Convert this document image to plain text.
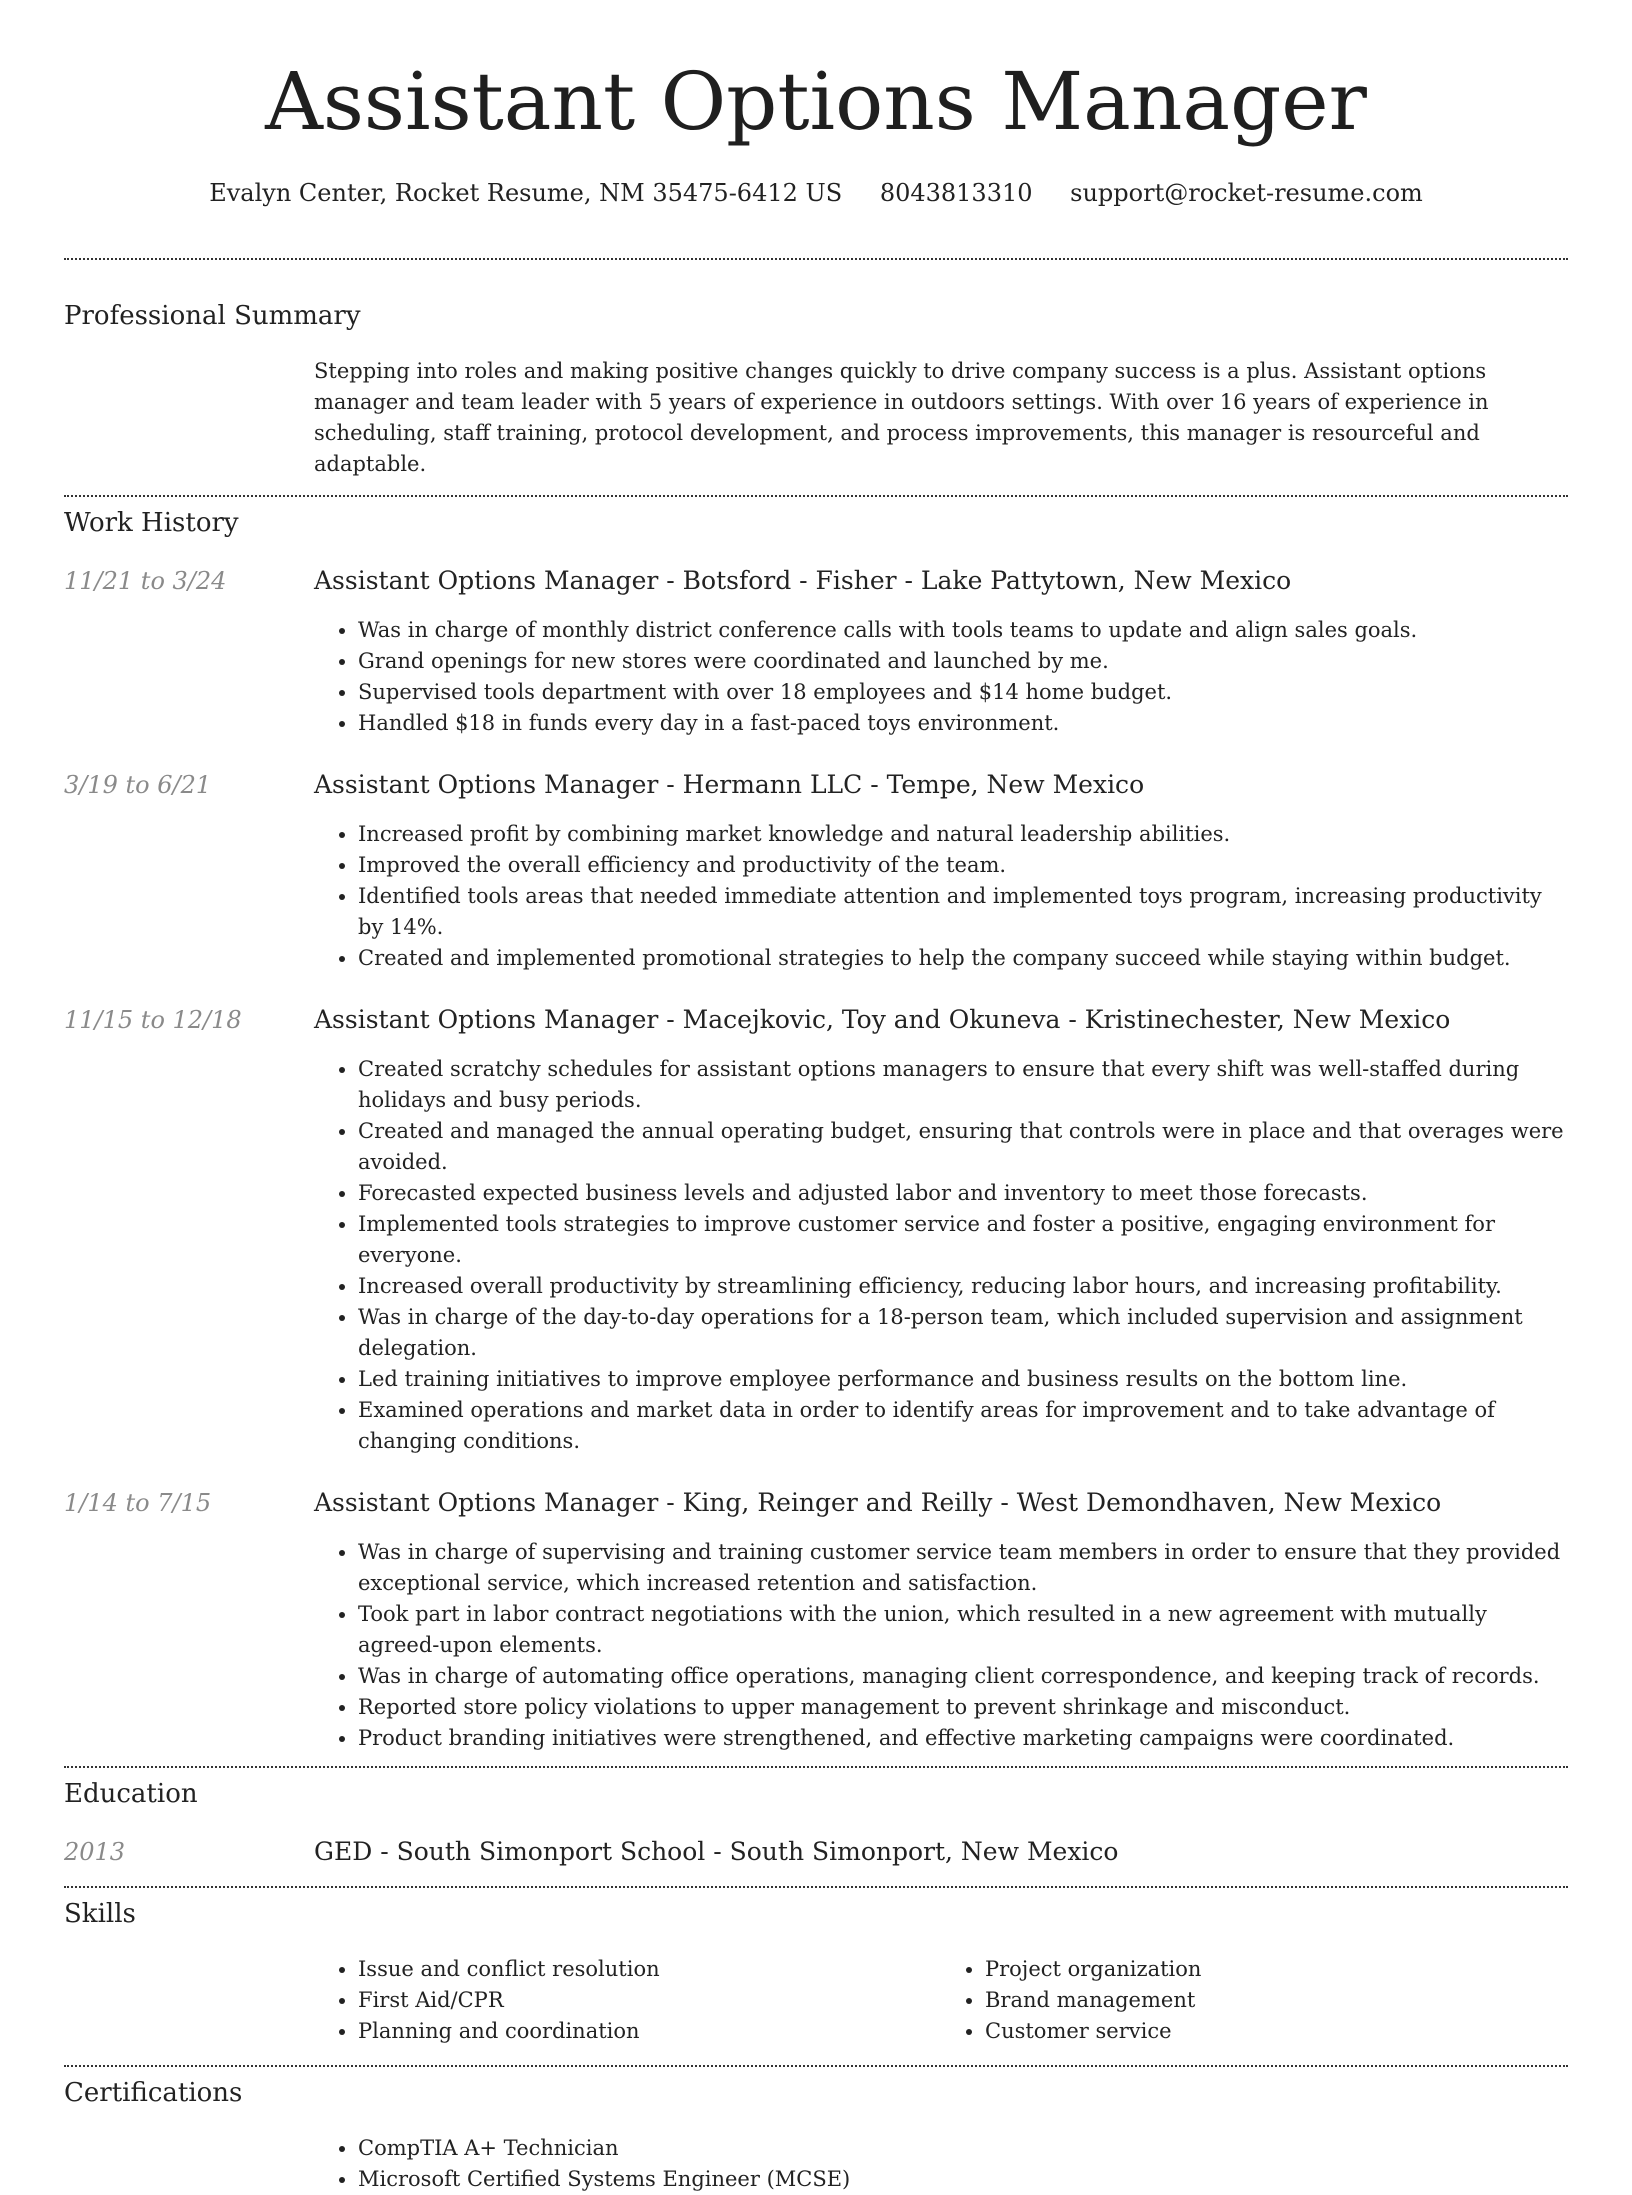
Assistant Options Manager
Evalyn Center, Rocket Resume, NM 35475-6412 US 8043813310 support@rocket-resume.com
Professional Summary
Stepping into roles and making positive changes quickly to drive company success is a plus. Assistant options manager and team leader with 5 years of experience in outdoors settings. With over 16 years of experience in scheduling, staff training, protocol development, and process improvements, this manager is resourceful and adaptable.
Work History
11/21 to 3/24	Assistant Options Manager - Botsford - Fisher - Lake Pattytown, New Mexico
• Was in charge of monthly district conference calls with tools teams to update and align sales goals.
• Grand openings for new stores were coordinated and launched by me.
• Supervised tools department with over 18 employees and $14 home budget.
• Handled $18 in funds every day in a fast-paced toys environment.
3/19 to 6/21	Assistant Options Manager - Hermann LLC - Tempe, New Mexico
• Increased profit by combining market knowledge and natural leadership abilities.
• Improved the overall efficiency and productivity of the team.
• Identified tools areas that needed immediate attention and implemented toys program, increasing productivity by 14%.
• Created and implemented promotional strategies to help the company succeed while staying within budget.
11/15 to 12/18	Assistant Options Manager - Macejkovic, Toy and Okuneva - Kristinechester, New Mexico
• Created scratchy schedules for assistant options managers to ensure that every shift was well-staffed during holidays and busy periods.
• Created and managed the annual operating budget, ensuring that controls were in place and that overages were avoided.
• Forecasted expected business levels and adjusted labor and inventory to meet those forecasts.
• Implemented tools strategies to improve customer service and foster a positive, engaging environment for everyone.
• Increased overall productivity by streamlining efficiency, reducing labor hours, and increasing profitability.
• Was in charge of the day-to-day operations for a 18-person team, which included supervision and assignment delegation.
• Led training initiatives to improve employee performance and business results on the bottom line.
• Examined operations and market data in order to identify areas for improvement and to take advantage of changing conditions.
1/14 to 7/15	Assistant Options Manager - King, Reinger and Reilly - West Demondhaven, New Mexico
• Was in charge of supervising and training customer service team members in order to ensure that they provided exceptional service, which increased retention and satisfaction.
• Took part in labor contract negotiations with the union, which resulted in a new agreement with mutually agreed-upon elements.
• Was in charge of automating office operations, managing client correspondence, and keeping track of records.
• Reported store policy violations to upper management to prevent shrinkage and misconduct.
• Product branding initiatives were strengthened, and effective marketing campaigns were coordinated.
Education
2013	GED - South Simonport School - South Simonport, New Mexico
Skills
• Issue and conflict resolution
• First Aid/CPR
• Planning and coordination
• Project organization
• Brand management
• Customer service
Certifications
• CompTIA A+ Technician
• Microsoft Certified Systems Engineer (MCSE)
